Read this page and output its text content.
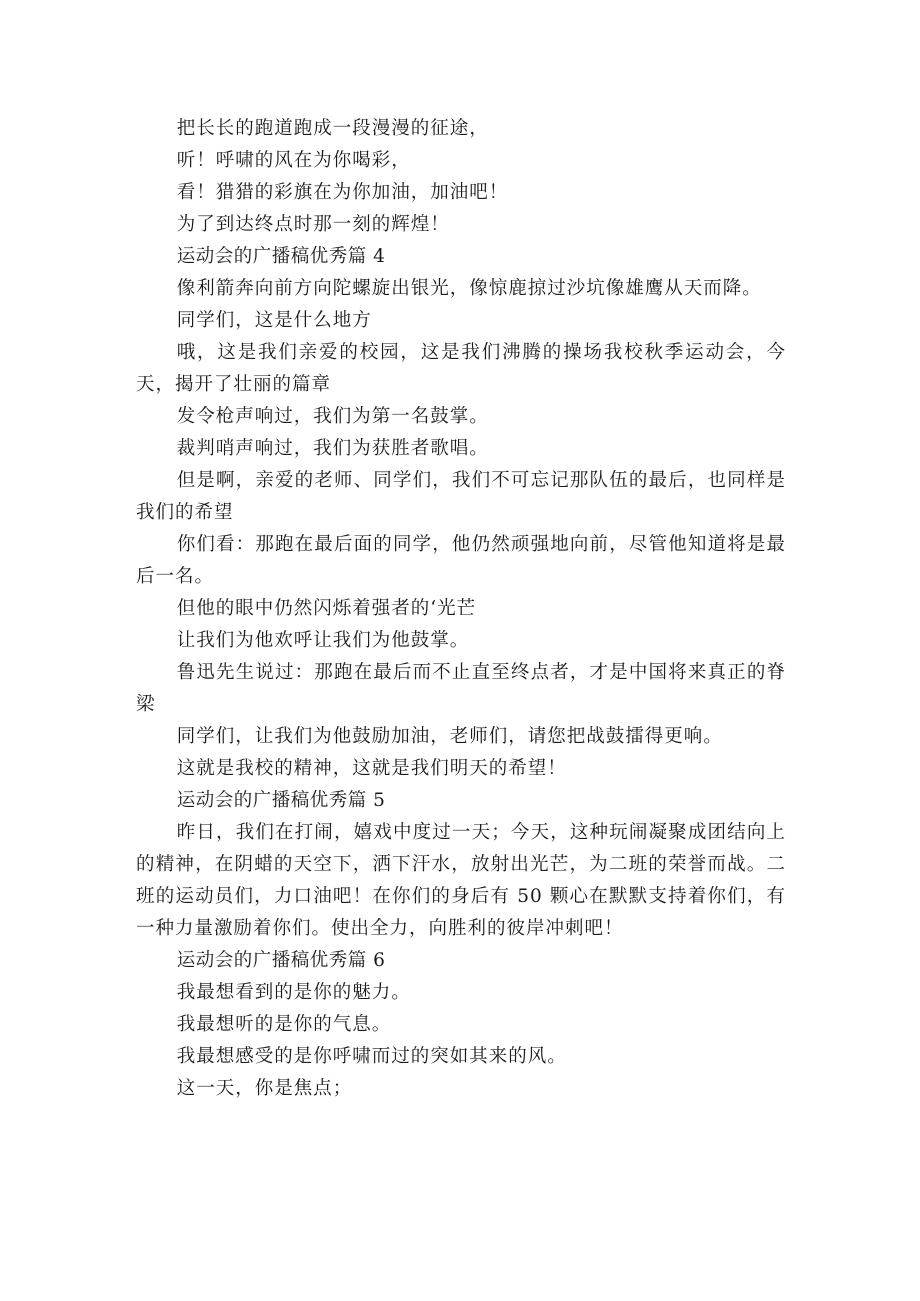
把长长的跑道跑成一段漫漫的征途，

听！呼啸的风在为你喝彩，

看！猎猎的彩旗在为你加油，加油吧！

为了到达终点时那一刻的辉煌！

运动会的广播稿优秀篇 4

像利箭奔向前方向陀螺旋出银光，像惊鹿掠过沙坑像雄鹰从天而降。

同学们，这是什么地方

哦，这是我们亲爱的校园，这是我们沸腾的操场我校秋季运动会，今天，揭开了壮丽的篇章

发令枪声响过，我们为第一名鼓掌。

裁判哨声响过，我们为获胜者歌唱。

但是啊，亲爱的老师、同学们，我们不可忘记那队伍的最后，也同样是我们的希望

你们看：那跑在最后面的同学，他仍然顽强地向前，尽管他知道将是最后一名。

但他的眼中仍然闪烁着强者的‘光芒

让我们为他欢呼让我们为他鼓掌。

鲁迅先生说过：那跑在最后而不止直至终点者，才是中国将来真正的脊梁

同学们，让我们为他鼓励加油，老师们，请您把战鼓擂得更响。

这就是我校的精神，这就是我们明天的希望！

运动会的广播稿优秀篇 5

昨日，我们在打闹，嬉戏中度过一天；今天，这种玩闹凝聚成团结向上的精神，在阴蜡的天空下，洒下汗水，放射出光芒，为二班的荣誉而战。二班的运动员们，力口油吧！在你们的身后有 50 颗心在默默支持着你们，有一种力量激励着你们。使出全力，向胜利的彼岸冲刺吧！

运动会的广播稿优秀篇 6

我最想看到的是你的魅力。

我最想听的是你的气息。

我最想感受的是你呼啸而过的突如其来的风。

这一天，你是焦点；
